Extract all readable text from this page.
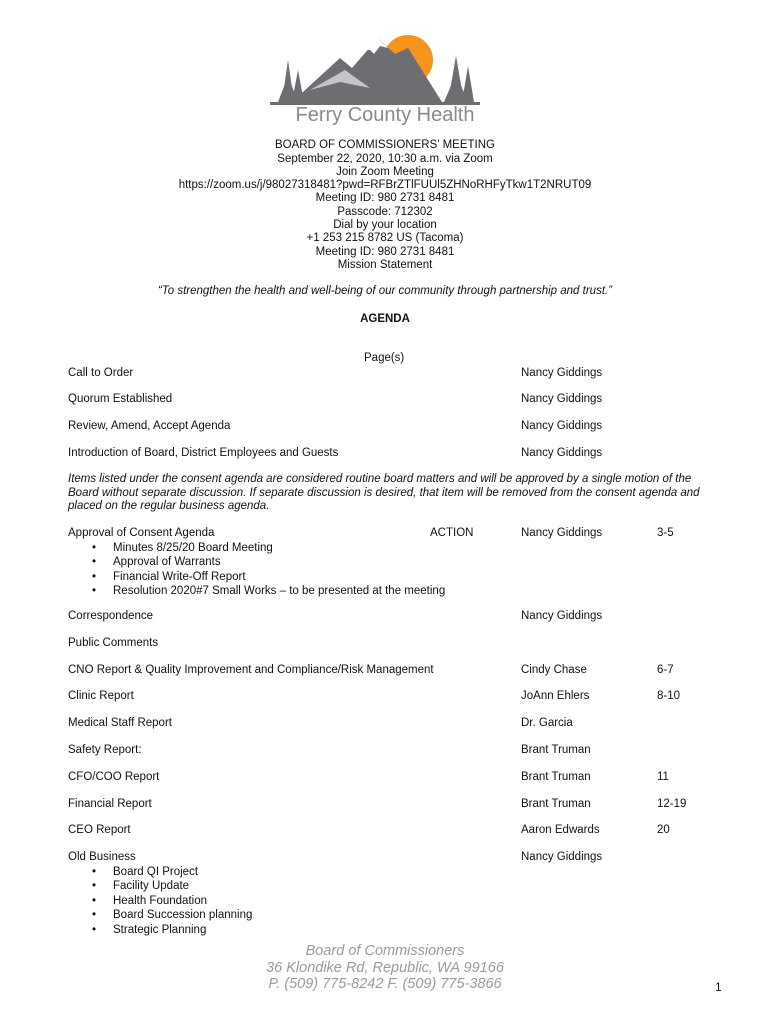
Ferry County Health
BOARD OF COMMISSIONERS’ MEETING
September 22, 2020, 10:30 a.m. via Zoom
Join Zoom Meeting
https://zoom.us/j/98027318481?pwd=RFBrZTlFUUl5ZHNoRHFyTkw1T2NRUT09
Meeting ID: 980 2731 8481
Passcode: 712302
Dial by your location
+1 253 215 8782 US (Tacoma)
Meeting ID: 980 2731 8481
Mission Statement
“To strengthen the health and well-being of our community through partnership and trust.”
AGENDA
Page(s)
Items listed under the consent agenda are considered routine board matters and will be approved by a single motion of the Board without separate discussion. If separate discussion is desired, that item will be removed from the consent agenda and placed on the regular business agenda.
Call to Order	Nancy Giddings
Quorum Established	Nancy Giddings
Review, Amend, Accept Agenda	Nancy Giddings
Introduction of Board, District Employees and Guests	Nancy Giddings
Approval of Consent Agenda	ACTION	Nancy Giddings	3-5
• Minutes 8/25/20 Board Meeting
• Approval of Warrants
• Financial Write-Off Report
• Resolution 2020#7 Small Works – to be presented at the meeting
Correspondence	Nancy Giddings
Public Comments
CNO Report & Quality Improvement and Compliance/Risk Management	Cindy Chase	6-7
Clinic Report	JoAnn Ehlers	8-10
Medical Staff Report	Dr. Garcia
Safety Report:	Brant Truman
CFO/COO Report	Brant Truman	11
Financial Report	Brant Truman	12-19
CEO Report	Aaron Edwards	20
Old Business	Nancy Giddings
• Board QI Project
• Facility Update
• Health Foundation
• Board Succession planning
• Strategic Planning
Board of Commissioners
36 Klondike Rd, Republic, WA 99166
P. (509) 775-8242 F. (509) 775-3866	1
